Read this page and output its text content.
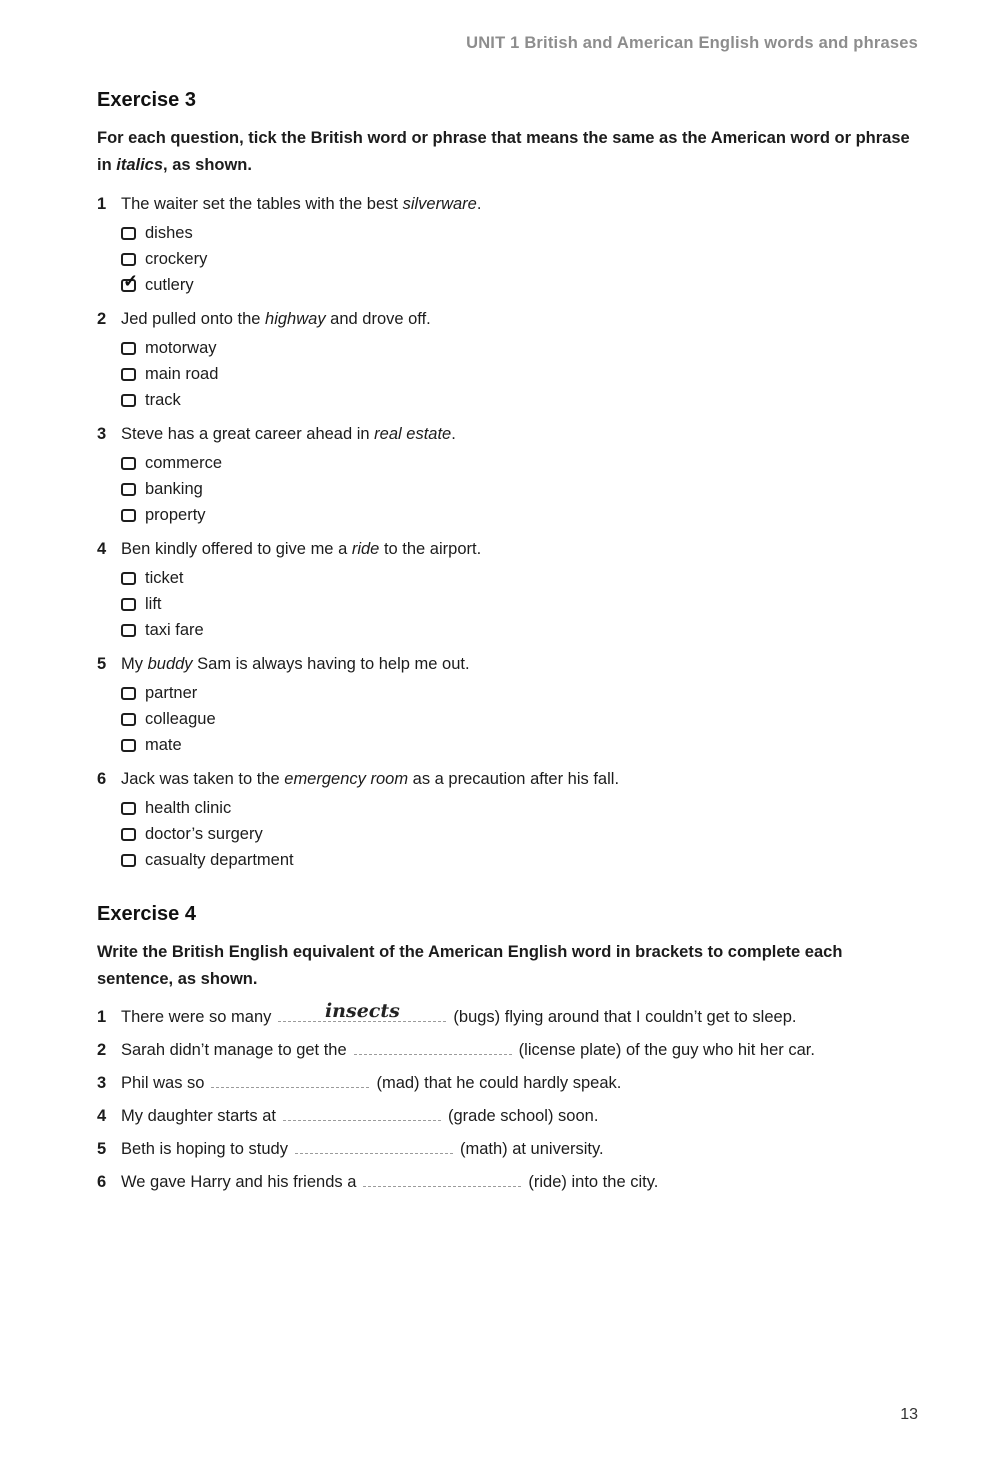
UNIT 1 British and American English words and phrases
Exercise 3

For each question, tick the British word or phrase that means the same as the American word or phrase in italics, as shown.

1 The waiter set the tables with the best silverware.
dishes
crockery
✓
cutlery
2 Jed pulled onto the highway and drove off.
motorway
main road
track
3 Steve has a great career ahead in real estate.
commerce
banking
property
4 Ben kindly offered to give me a ride to the airport.
ticket
lift
taxi fare
5 My buddy Sam is always having to help me out.
partner
colleague
mate
6 Jack was taken to the emergency room as a precaution after his fall.
health clinic
doctor’s surgery
casualty department
Exercise 4

Write the British English equivalent of the American English word in brackets to complete each sentence, as shown.

1 There were so many	insects	(bugs) flying around that I couldn’t get to sleep.
2 Sarah didn’t manage to get the	(license plate) of the guy who hit her car.
3 Phil was so	(mad) that he could hardly speak.
4 My daughter starts at	(grade school) soon.
5 Beth is hoping to study	(math) at university.
6 We gave Harry and his friends a	(ride) into the city.
13
